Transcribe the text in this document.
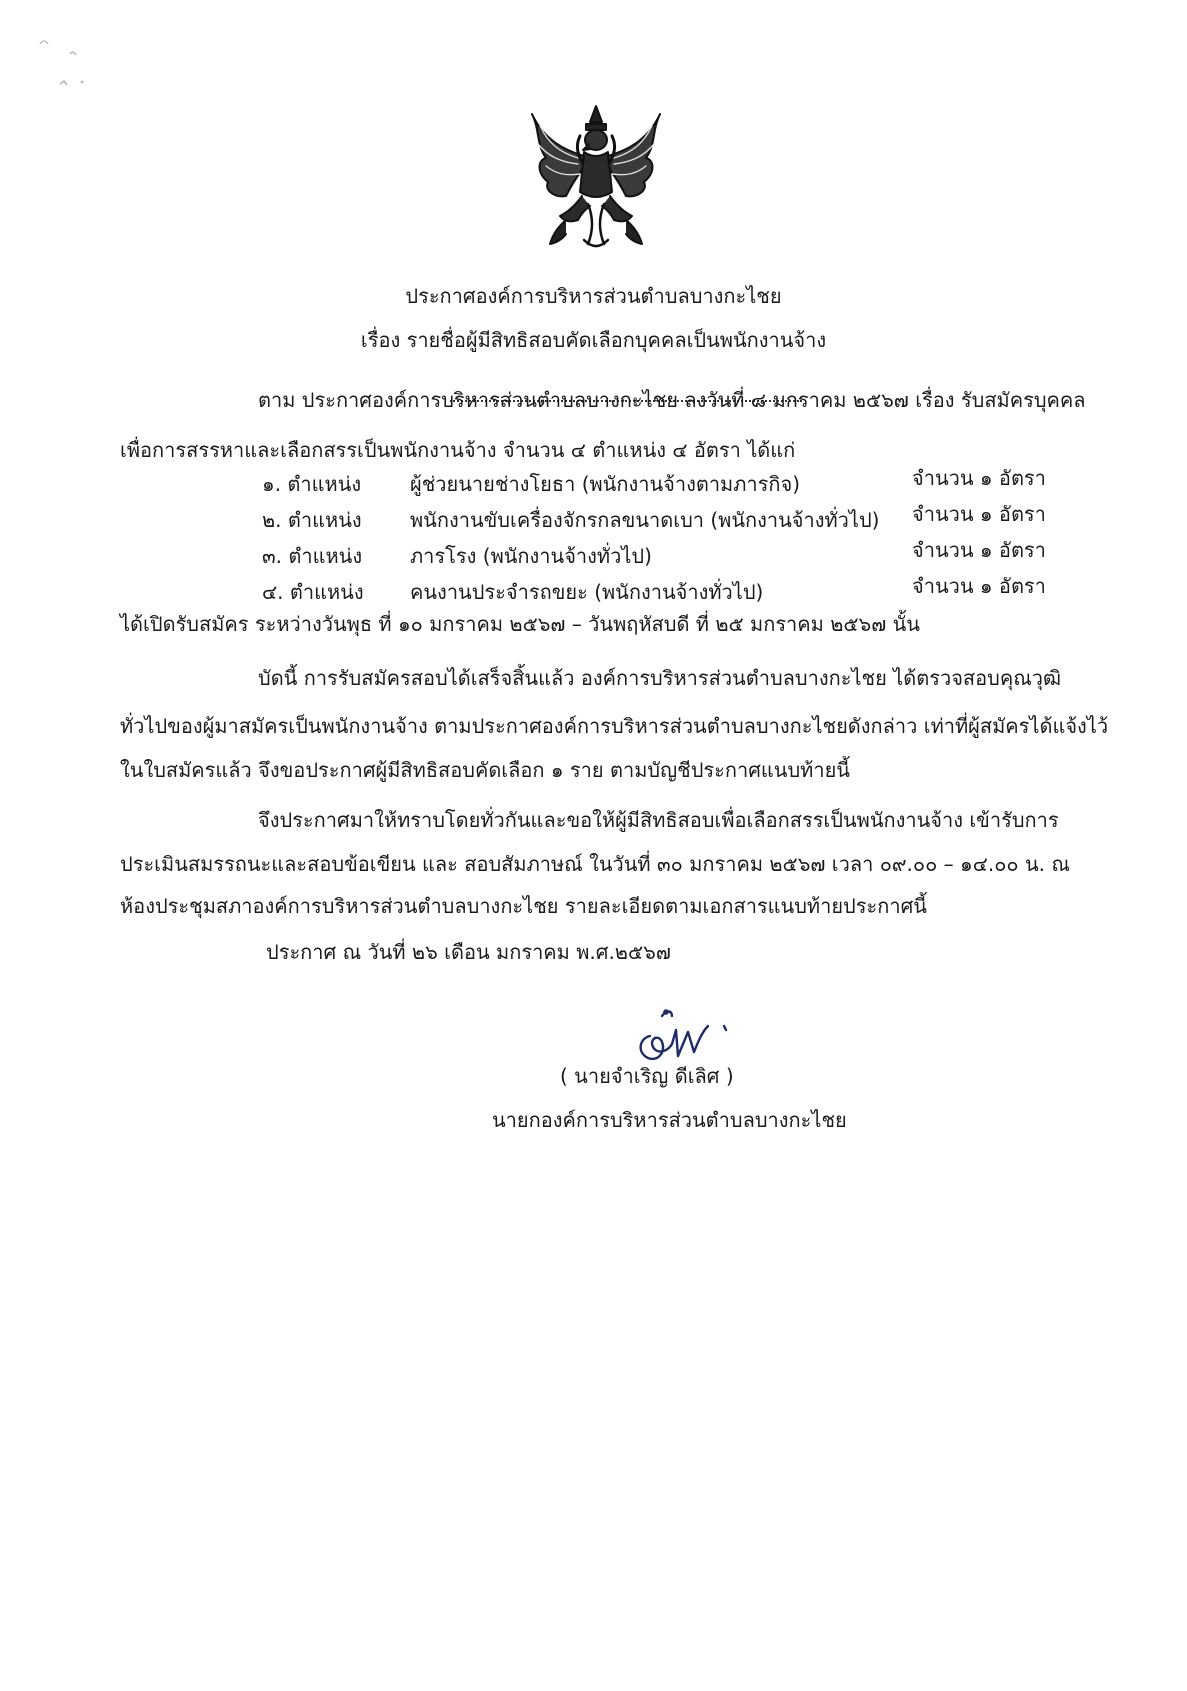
ประกาศองค์การบริหารส่วนตำบลบางกะไชย
เรื่อง รายชื่อผู้มีสิทธิสอบคัดเลือกบุคคลเป็นพนักงานจ้าง
ตาม ประกาศองค์การบริหารส่วนตำบลบางกะไชย ลงวันที่ ๘ มกราคม ๒๕๖๗ เรื่อง รับสมัครบุคคล
เพื่อการสรรหาและเลือกสรรเป็นพนักงานจ้าง จำนวน ๔ ตำแหน่ง ๔ อัตรา ได้แก่
๑. ตำแหน่ง ผู้ช่วยนายช่างโยธา (พนักงานจ้างตามภารกิจ)	จำนวน ๑ อัตรา
๒. ตำแหน่ง พนักงานขับเครื่องจักรกลขนาดเบา (พนักงานจ้างทั่วไป) จำนวน ๑ อัตรา
๓. ตำแหน่ง ภารโรง (พนักงานจ้างทั่วไป)	จำนวน ๑ อัตรา
๔. ตำแหน่ง คนงานประจำรถขยะ (พนักงานจ้างทั่วไป)	จำนวน ๑ อัตรา
ได้เปิดรับสมัคร ระหว่างวันพุธ ที่ ๑๐ มกราคม ๒๕๖๗ – วันพฤหัสบดี ที่ ๒๕ มกราคม ๒๕๖๗ นั้น
บัดนี้ การรับสมัครสอบได้เสร็จสิ้นแล้ว องค์การบริหารส่วนตำบลบางกะไชย ได้ตรวจสอบคุณวุฒิ
ทั่วไปของผู้มาสมัครเป็นพนักงานจ้าง ตามประกาศองค์การบริหารส่วนตำบลบางกะไชยดังกล่าว เท่าที่ผู้สมัครได้แจ้งไว้
ในใบสมัครแล้ว จึงขอประกาศผู้มีสิทธิสอบคัดเลือก ๑ ราย ตามบัญชีประกาศแนบท้ายนี้
จึงประกาศมาให้ทราบโดยทั่วกันและขอให้ผู้มีสิทธิสอบเพื่อเลือกสรรเป็นพนักงานจ้าง เข้ารับการ
ประเมินสมรรถนะและสอบข้อเขียน และ สอบสัมภาษณ์ ในวันที่ ๓๐ มกราคม ๒๕๖๗ เวลา ๐๙.๐๐ – ๑๔.๐๐ น. ณ
ห้องประชุมสภาองค์การบริหารส่วนตำบลบางกะไชย รายละเอียดตามเอกสารแนบท้ายประกาศนี้
ประกาศ ณ วันที่ ๒๖ เดือน มกราคม พ.ศ.๒๕๖๗
( นายจำเริญ ดีเลิศ )
นายกองค์การบริหารส่วนตำบลบางกะไชย
